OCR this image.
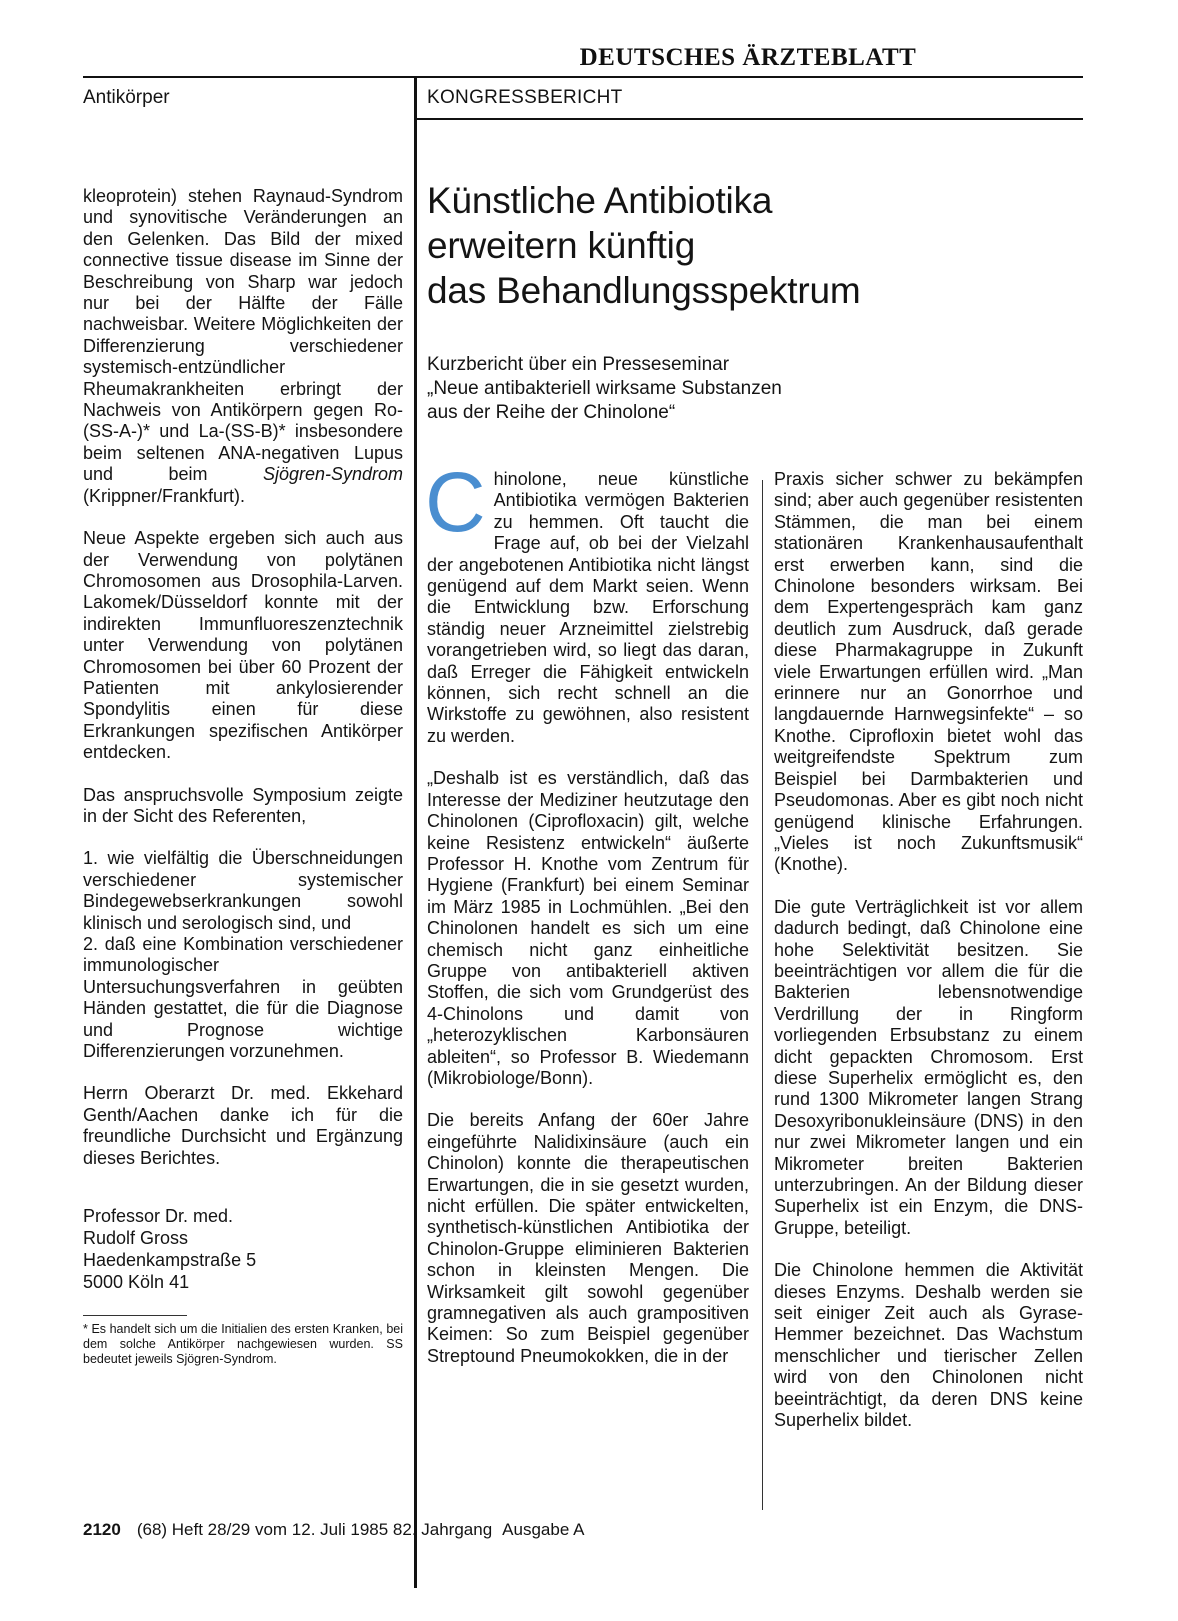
DEUTSCHES ÄRZTEBLATT
Antikörper	KONGRESSBERICHT

kleoprotein) stehen Raynaud-Syndrom und synovitische Veränderungen an den Gelenken. Das Bild der mixed connective tissue disease im Sinne der Beschreibung von Sharp war jedoch nur bei der Hälfte der Fälle nachweisbar. Weitere Möglichkeiten der Differenzierung verschiedener systemisch-entzündlicher Rheumakrankheiten erbringt der Nachweis von Antikörpern gegen Ro-(SS-A-)* und La-(SS-B)* insbesondere beim seltenen ANA-negativen Lupus und beim Sjögren-Syndrom (Krippner/Frankfurt).

Neue Aspekte ergeben sich auch aus der Verwendung von polytänen Chromosomen aus Drosophila-Larven. Lakomek/Düsseldorf konnte mit der indirekten Immunfluoreszenztechnik unter Verwendung von polytänen Chromosomen bei über 60 Prozent der Patienten mit ankylosierender Spondylitis einen für diese Erkrankungen spezifischen Antikörper entdecken.

Das anspruchsvolle Symposium zeigte in der Sicht des Referenten,

1. wie vielfältig die Überschneidungen verschiedener systemischer Bindegewebserkrankungen sowohl klinisch und serologisch sind, und

2. daß eine Kombination verschiedener immunologischer Untersuchungsverfahren in geübten Händen gestattet, die für die Diagnose und Prognose wichtige Differenzierungen vorzunehmen.

Herrn Oberarzt Dr. med. Ekkehard Genth/Aachen danke ich für die freundliche Durchsicht und Ergänzung dieses Berichtes.

Professor Dr. med.
Rudolf Gross
Haedenkampstraße 5
5000 Köln 41
* Es handelt sich um die Initialien des ersten Kranken, bei dem solche Antikörper nachgewiesen wurden. SS bedeutet jeweils Sjögren-Syndrom.
Künstliche Antibiotika
erweitern künftig
das Behandlungsspektrum

Kurzbericht über ein Presseseminar
„Neue antibakteriell wirksame Substanzen
aus der Reihe der Chinolone“

Chinolone, neue künstliche Antibiotika vermögen Bakterien zu hemmen. Oft taucht die Frage auf, ob bei der Vielzahl der angebotenen Antibiotika nicht längst genügend auf dem Markt seien. Wenn die Entwicklung bzw. Erforschung ständig neuer Arzneimittel zielstrebig vorangetrieben wird, so liegt das daran, daß Erreger die Fähigkeit entwickeln können, sich recht schnell an die Wirkstoffe zu gewöhnen, also resistent zu werden.

„Deshalb ist es verständlich, daß das Interesse der Mediziner heutzutage den Chinolonen (Ciprofloxacin) gilt, welche keine Resistenz entwickeln“ äußerte Professor H. Knothe vom Zentrum für Hygiene (Frankfurt) bei einem Seminar im März 1985 in Lochmühlen. „Bei den Chinolonen handelt es sich um eine chemisch nicht ganz einheitliche Gruppe von antibakteriell aktiven Stoffen, die sich vom Grundgerüst des 4-Chinolons und damit von „heterozyklischen Karbonsäuren ableiten“, so Professor B. Wiedemann (Mikrobiologe/Bonn).

Die bereits Anfang der 60er Jahre eingeführte Nalidixinsäure (auch ein Chinolon) konnte die therapeutischen Erwartungen, die in sie gesetzt wurden, nicht erfüllen. Die später entwickelten, synthetisch-künstlichen Antibiotika der Chinolon-Gruppe eliminieren Bakterien schon in kleinsten Mengen. Die Wirksamkeit gilt sowohl gegenüber gramnegativen als auch grampositiven Keimen: So zum Beispiel gegenüber Streptound Pneumokokken, die in der

Praxis sicher schwer zu bekämpfen sind; aber auch gegenüber resistenten Stämmen, die man bei einem stationären Krankenhausaufenthalt erst erwerben kann, sind die Chinolone besonders wirksam. Bei dem Expertengespräch kam ganz deutlich zum Ausdruck, daß gerade diese Pharmakagruppe in Zukunft viele Erwartungen erfüllen wird. „Man erinnere nur an Gonorrhoe und langdauernde Harnwegsinfekte“ – so Knothe. Ciprofloxin bietet wohl das weitgreifendste Spektrum zum Beispiel bei Darmbakterien und Pseudomonas. Aber es gibt noch nicht genügend klinische Erfahrungen. „Vieles ist noch Zukunftsmusik“ (Knothe).

Die gute Verträglichkeit ist vor allem dadurch bedingt, daß Chinolone eine hohe Selektivität besitzen. Sie beeinträchtigen vor allem die für die Bakterien lebensnotwendige Verdrillung der in Ringform vorliegenden Erbsubstanz zu einem dicht gepackten Chromosom. Erst diese Superhelix ermöglicht es, den rund 1300 Mikrometer langen Strang Desoxyribonukleinsäure (DNS) in den nur zwei Mikrometer langen und ein Mikrometer breiten Bakterien unterzubringen. An der Bildung dieser Superhelix ist ein Enzym, die DNS-Gruppe, beteiligt.

Die Chinolone hemmen die Aktivität dieses Enzyms. Deshalb werden sie seit einiger Zeit auch als Gyrase-Hemmer bezeichnet. Das Wachstum menschlicher und tierischer Zellen wird von den Chinolonen nicht beeinträchtigt, da deren DNS keine Superhelix bildet.

2120 (68) Heft 28/29 vom 12. Juli 1985 82. Jahrgang Ausgabe A
